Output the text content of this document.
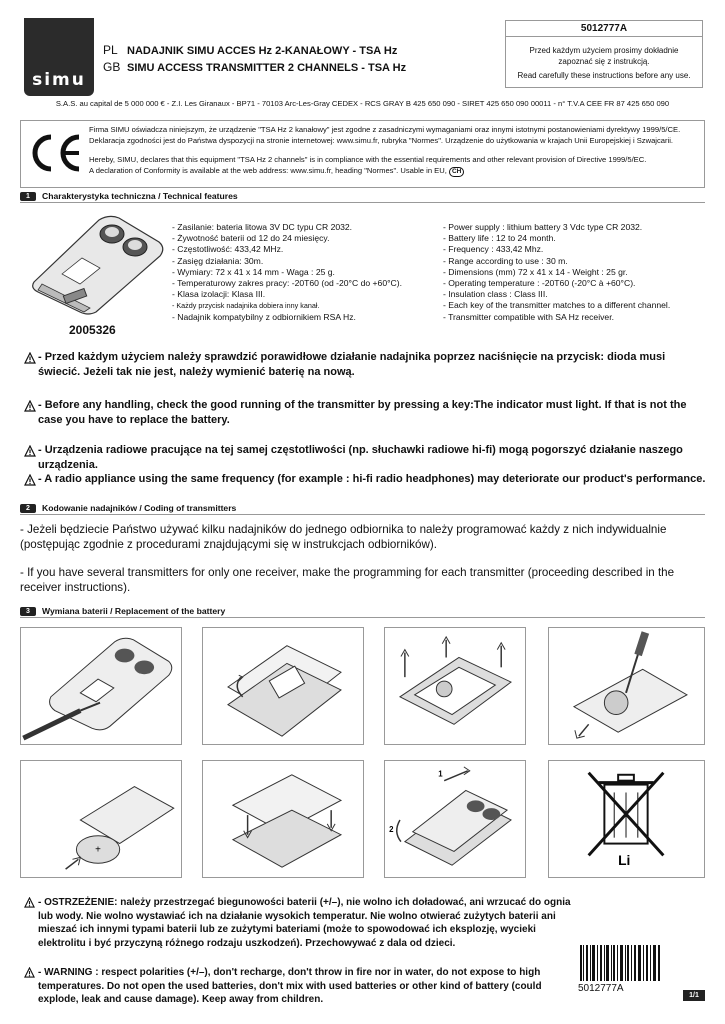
simu
PL NADAJNIK SIMU ACCES Hz 2-KANAŁOWY - TSA Hz
GB SIMU ACCESS TRANSMITTER 2 CHANNELS - TSA Hz
5012777A
Przed każdym użyciem prosimy dokładnie
zapoznać się z instrukcją.
Read carefully these instructions before any use.
S.A.S. au capital de 5 000 000 € - Z.I. Les Giranaux - BP71 - 70103 Arc-Les-Gray CEDEX - RCS GRAY B 425 650 090 - SIRET 425 650 090 00011 - n° T.V.A CEE FR 87 425 650 090

Firma SIMU oświadcza niniejszym, że urządzenie "TSA Hz 2 kanałowy" jest zgodne z zasadniczymi wymaganiami oraz innymi istotnymi postanowieniami dyrektywy 1999/5/CE.
Deklaracja zgodności jest do Państwa dyspozycji na stronie internetowej: www.simu.fr, rubryka "Normes". Urządzenie do użytkowania w krajach Unii Europejskiej i Szwajcarii.

Hereby, SIMU, declares that this equipment "TSA Hz 2 channels" is in compliance with the essential requirements and other relevant provision of Directive 1999/5/EC.
A declaration of Conformity is available at the web address: www.simu.fr, heading "Normes". Usable in EU, CH

1	Charakterystyka techniczna / Technical features
2005326
- Zasilanie: bateria litowa 3V DC typu CR 2032.
- Żywotność baterii od 12 do 24 miesięcy.
- Częstotliwość: 433,42 MHz.
- Zasięg działania: 30m.
- Wymiary: 72 x 41 x 14 mm - Waga : 25 g.
- Temperaturowy zakres pracy: -20T60 (od -20°C do +60°C).
- Klasa izolacji: Klasa III.
- Każdy przycisk nadajnika dobiera inny kanał.
- Nadajnik kompatybilny z odbiornikiem RSA Hz.
- Power supply : lithium battery 3 Vdc type CR 2032.
- Battery life : 12 to 24 month.
- Frequency : 433,42 Mhz.
- Range according to use : 30 m.
- Dimensions (mm) 72 x 41 x 14 - Weight : 25 gr.
- Operating temperature : -20T60 (-20°C à +60°C).
- Insulation class : Class III.
- Each key of the transmitter matches to a different channel.
- Transmitter compatible with SA Hz receiver.
- Przed każdym użyciem należy sprawdzić porawidłowe działanie nadajnika poprzez naciśnięcie na przycisk: dioda musi świecić. Jeżeli tak nie jest, należy wymienić baterię na nową.
- Before any handling, check the good running of the transmitter by pressing a key:The indicator must light. If that is not the case you have to replace the battery.
- Urządzenia radiowe pracujące na tej samej częstotliwości (np. słuchawki radiowe hi-fi) mogą pogorszyć działanie naszego urządzenia.
- A radio appliance using the same frequency (for example : hi-fi radio headphones) may deteriorate our product's performance.
2	Kodowanie nadajników / Coding of transmitters
- Jeżeli będziecie Państwo używać kilku nadajników do jednego odbiornika to należy programować każdy z nich indywidualnie (postępując zgodnie z procedurami znajdującymi się w instrukcjach odbiorników).
- If you have several transmitters for only one receiver, make the programming for each transmitter (proceeding described in the receiver instructions).
3	Wymiana baterii / Replacement of the battery
+
1
2
Li
- OSTRZEŻENIE: należy przestrzegać biegunowości baterii (+/–), nie wolno ich doładować, ani wrzucać do ognia lub wody. Nie wolno wystawiać ich na działanie wysokich temperatur. Nie wolno otwierać zużytych baterii ani mieszać ich innymi typami baterii lub ze zużytymi bateriami (może to spowodować ich eksplozję, wycieki elektrolitu i być przyczyną różnego rodzaju uszkodzeń). Przechowywać z dala od dzieci.
- WARNING : respect polarities (+/–), don't recharge, don't throw in fire nor in water, do not expose to high temperatures. Do not open the used batteries, don't mix with used batteries or other kind of battery (could explode, leak and cause damage). Keep away from children.
5012777A
1/1
